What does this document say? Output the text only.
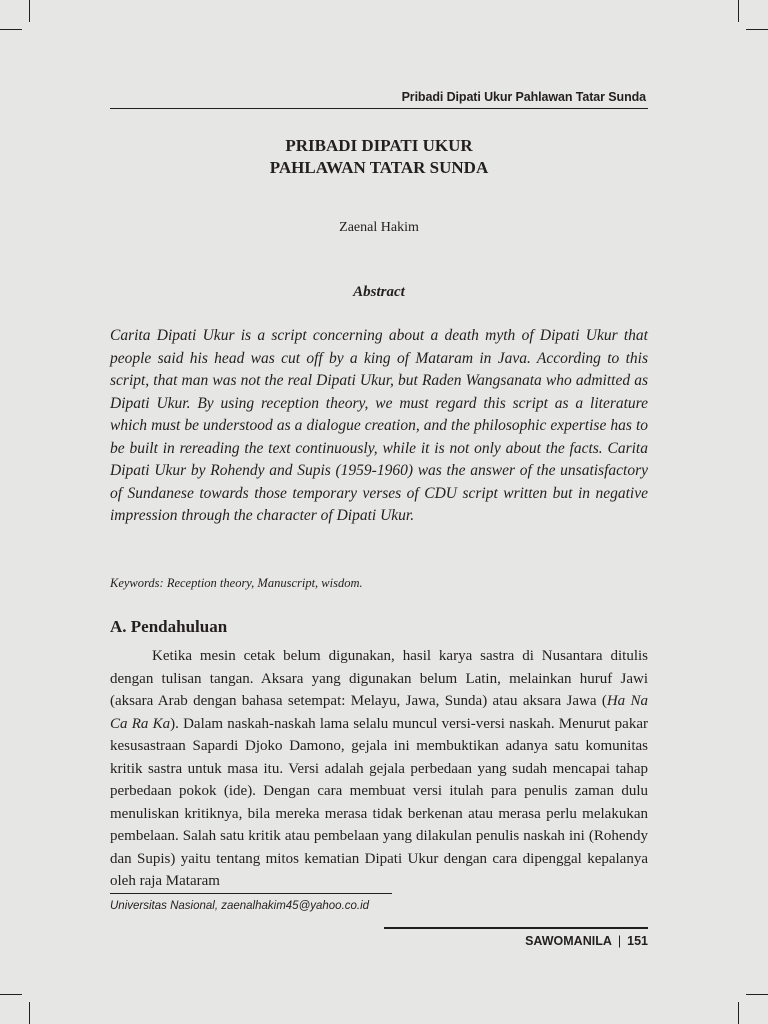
Pribadi Dipati Ukur Pahlawan Tatar Sunda
PRIBADI DIPATI UKUR
PAHLAWAN TATAR SUNDA
Zaenal Hakim
Abstract

Carita Dipati Ukur is a script concerning about a death myth of Dipati Ukur that people said his head was cut off by a king of Mataram in Java. According to this script, that man was not the real Dipati Ukur, but Raden Wangsanata who admitted as Dipati Ukur. By using reception theory, we must regard this script as a literature which must be understood as a dialogue creation, and the philosophic expertise has to be built in rereading the text continuously, while it is not only about the facts. Carita Dipati Ukur by Rohendy and Supis (1959-1960) was the answer of the unsatisfactory of Sundanese towards those temporary verses of CDU script written but in negative impression through the character of Dipati Ukur.

Keywords: Reception theory, Manuscript, wisdom.
A. Pendahuluan

Ketika mesin cetak belum digunakan, hasil karya sastra di Nusantara ditulis dengan tulisan tangan. Aksara yang digunakan belum Latin, melainkan huruf Jawi (aksara Arab dengan bahasa setempat: Melayu, Jawa, Sunda) atau aksara Jawa (Ha Na Ca Ra Ka). Dalam naskah-naskah lama selalu muncul versi-versi naskah. Menurut pakar kesusastraan Sapardi Djoko Damono, gejala ini membuktikan adanya satu komunitas kritik sastra untuk masa itu. Versi adalah gejala perbedaan yang sudah mencapai tahap perbedaan pokok (ide). Dengan cara membuat versi itulah para penulis zaman dulu menuliskan kritiknya, bila mereka merasa tidak berkenan atau merasa perlu melakukan pembelaan. Salah satu kritik atau pembelaan yang dilakulan penulis naskah ini (Rohendy dan Supis) yaitu tentang mitos kematian Dipati Ukur dengan cara dipenggal kepalanya oleh raja Mataram

Universitas Nasional, zaenalhakim45@yahoo.co.id
SAWOMANILA | 151
